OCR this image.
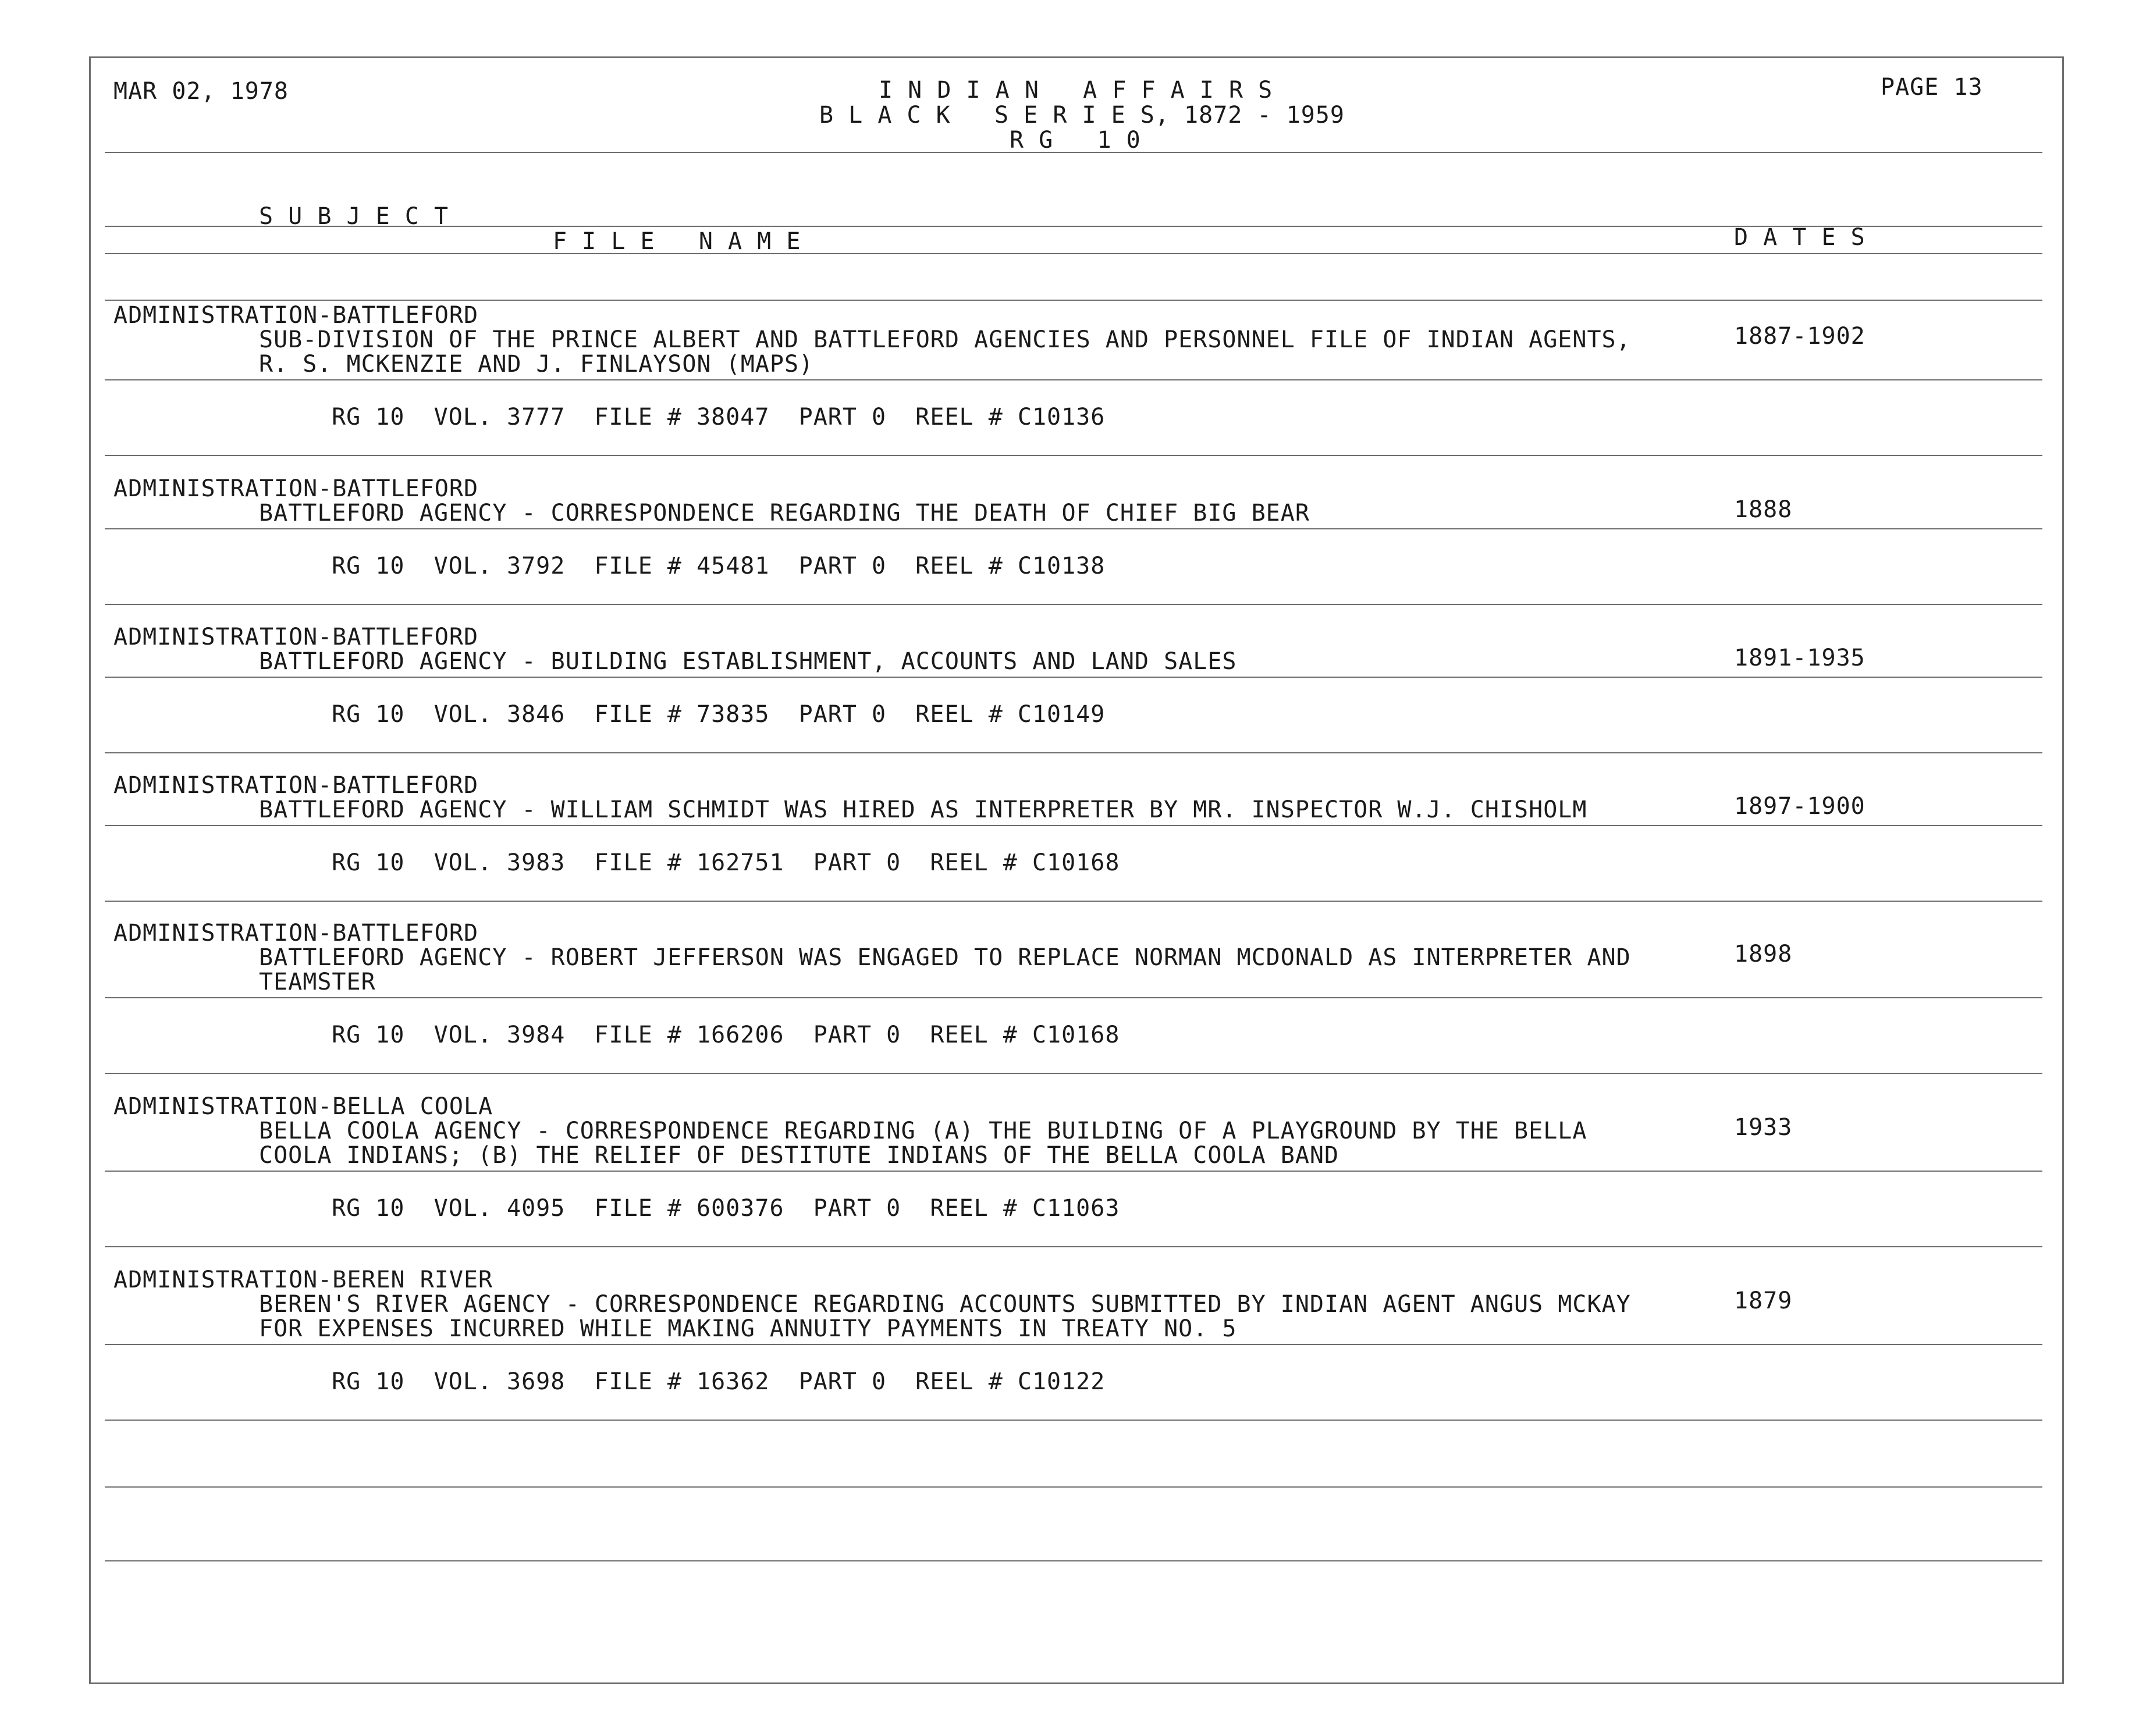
MAR 02, 1978	I N D I A N   A F F A I R S
B L A C K   S E R I E S, 1872 - 1959
R G   1 0
PAGE 13
S U B J E C T
F I L E   N A M E	D A T E S
ADMINISTRATION-BATTLEFORD
SUB-DIVISION OF THE PRINCE ALBERT AND BATTLEFORD AGENCIES AND PERSONNEL FILE OF INDIAN AGENTS,
R. S. MCKENZIE AND J. FINLAYSON (MAPS)
1887-1902
RG 10  VOL. 3777  FILE # 38047  PART 0  REEL # C10136
ADMINISTRATION-BATTLEFORD
BATTLEFORD AGENCY - CORRESPONDENCE REGARDING THE DEATH OF CHIEF BIG BEAR	1888
RG 10  VOL. 3792  FILE # 45481  PART 0  REEL # C10138
ADMINISTRATION-BATTLEFORD
BATTLEFORD AGENCY - BUILDING ESTABLISHMENT, ACCOUNTS AND LAND SALES	1891-1935
RG 10  VOL. 3846  FILE # 73835  PART 0  REEL # C10149
ADMINISTRATION-BATTLEFORD
BATTLEFORD AGENCY - WILLIAM SCHMIDT WAS HIRED AS INTERPRETER BY MR. INSPECTOR W.J. CHISHOLM	1897-1900
RG 10  VOL. 3983  FILE # 162751  PART 0  REEL # C10168
ADMINISTRATION-BATTLEFORD
BATTLEFORD AGENCY - ROBERT JEFFERSON WAS ENGAGED TO REPLACE NORMAN MCDONALD AS INTERPRETER AND
TEAMSTER
1898
RG 10  VOL. 3984  FILE # 166206  PART 0  REEL # C10168
ADMINISTRATION-BELLA COOLA
BELLA COOLA AGENCY - CORRESPONDENCE REGARDING (A) THE BUILDING OF A PLAYGROUND BY THE BELLA
COOLA INDIANS; (B) THE RELIEF OF DESTITUTE INDIANS OF THE BELLA COOLA BAND
1933
RG 10  VOL. 4095  FILE # 600376  PART 0  REEL # C11063
ADMINISTRATION-BEREN RIVER
BEREN'S RIVER AGENCY - CORRESPONDENCE REGARDING ACCOUNTS SUBMITTED BY INDIAN AGENT ANGUS MCKAY
FOR EXPENSES INCURRED WHILE MAKING ANNUITY PAYMENTS IN TREATY NO. 5
1879
RG 10  VOL. 3698  FILE # 16362  PART 0  REEL # C10122
